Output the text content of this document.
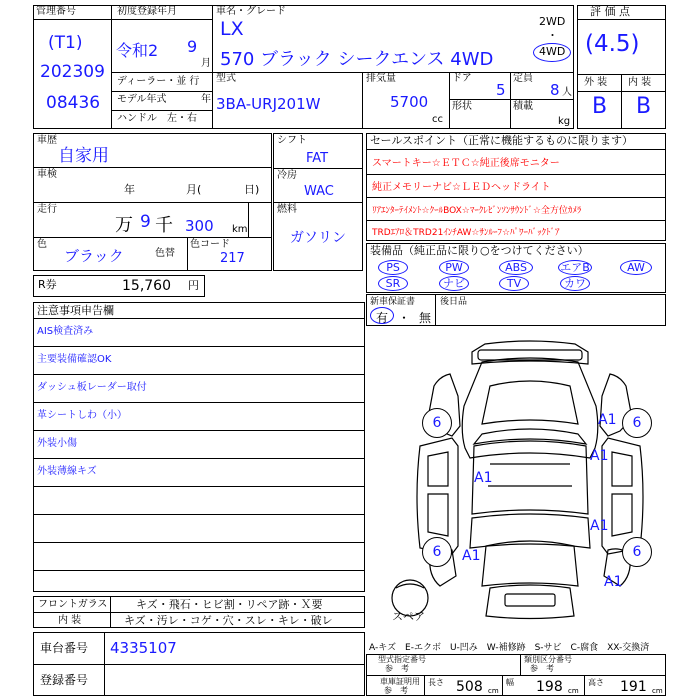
管理番号
(T1)
202309
08436
初度登録年月
令和2 9
月
ディーラー・並 行
モデル年式	年
ハンドル　左・右
車名・グレード
LX
570 ブラック シークエンス 4WD
2WD
・
4WD
型式
3BA-URJ201W
排気量
5700
cc
ドア
5
形状
定員
8 人
積載
kg
評 価 点
(4.5)
外 装 内 装
B B
車歴
自家用
車検
年	月(	日)
走行
万 9 千 300 km
色
ブラック	色替
色コード
217
シフト
FAT
冷房
WAC
燃料
ガソリン
セールスポイント（正常に機能するものに限ります）
スマートキー☆ＥＴＣ☆純正後席モニター
純正メモリーナビ☆ＬＥＤヘッドライト
ﾘｱｴﾝﾀｰﾃｲﾒﾝﾄ☆ｸｰﾙBOX☆ﾏｰｸﾚﾋﾞﾝｿﾝｻｳﾝﾄﾞ☆全方位ｶﾒﾗ
TRDｴｱﾛ＆TRD21ｲﾝﾁAW☆ｻﾝﾙｰﾌ☆ﾊﾟﾜｰﾊﾞｯｸﾄﾞｱ
装備品（純正品に限り○をつけてください）
PS	PW	ABS	エアB	AW
SR	ナビ	TV	カワ
R券	15,760 円
新車保証書
有 ・ 無
後日品
注意事項申告欄
AIS検査済み
主要装備確認OK
ダッシュ板レーダー取付
革シートしわ（小）
外装小傷
外装薄線キズ
6	A1	6
A1
A1
A1
6	A1	6
A1
スペア
フロントガラス	キズ・飛石・ヒビ割・リペア跡・Ｘ要
内 装	キズ・汚レ・コゲ・穴・スレ・キレ・破レ
車台番号 4335107
登録番号
A-キズ　E-エクボ　U-凹み　W-補修跡　S-サビ　C-腐食　XX-交換済
型式指定番号
参　考
類別区分番号
参　考
車庫証明用
参　考
長さ 508 cm
幅 198 cm
高さ 191 cm
